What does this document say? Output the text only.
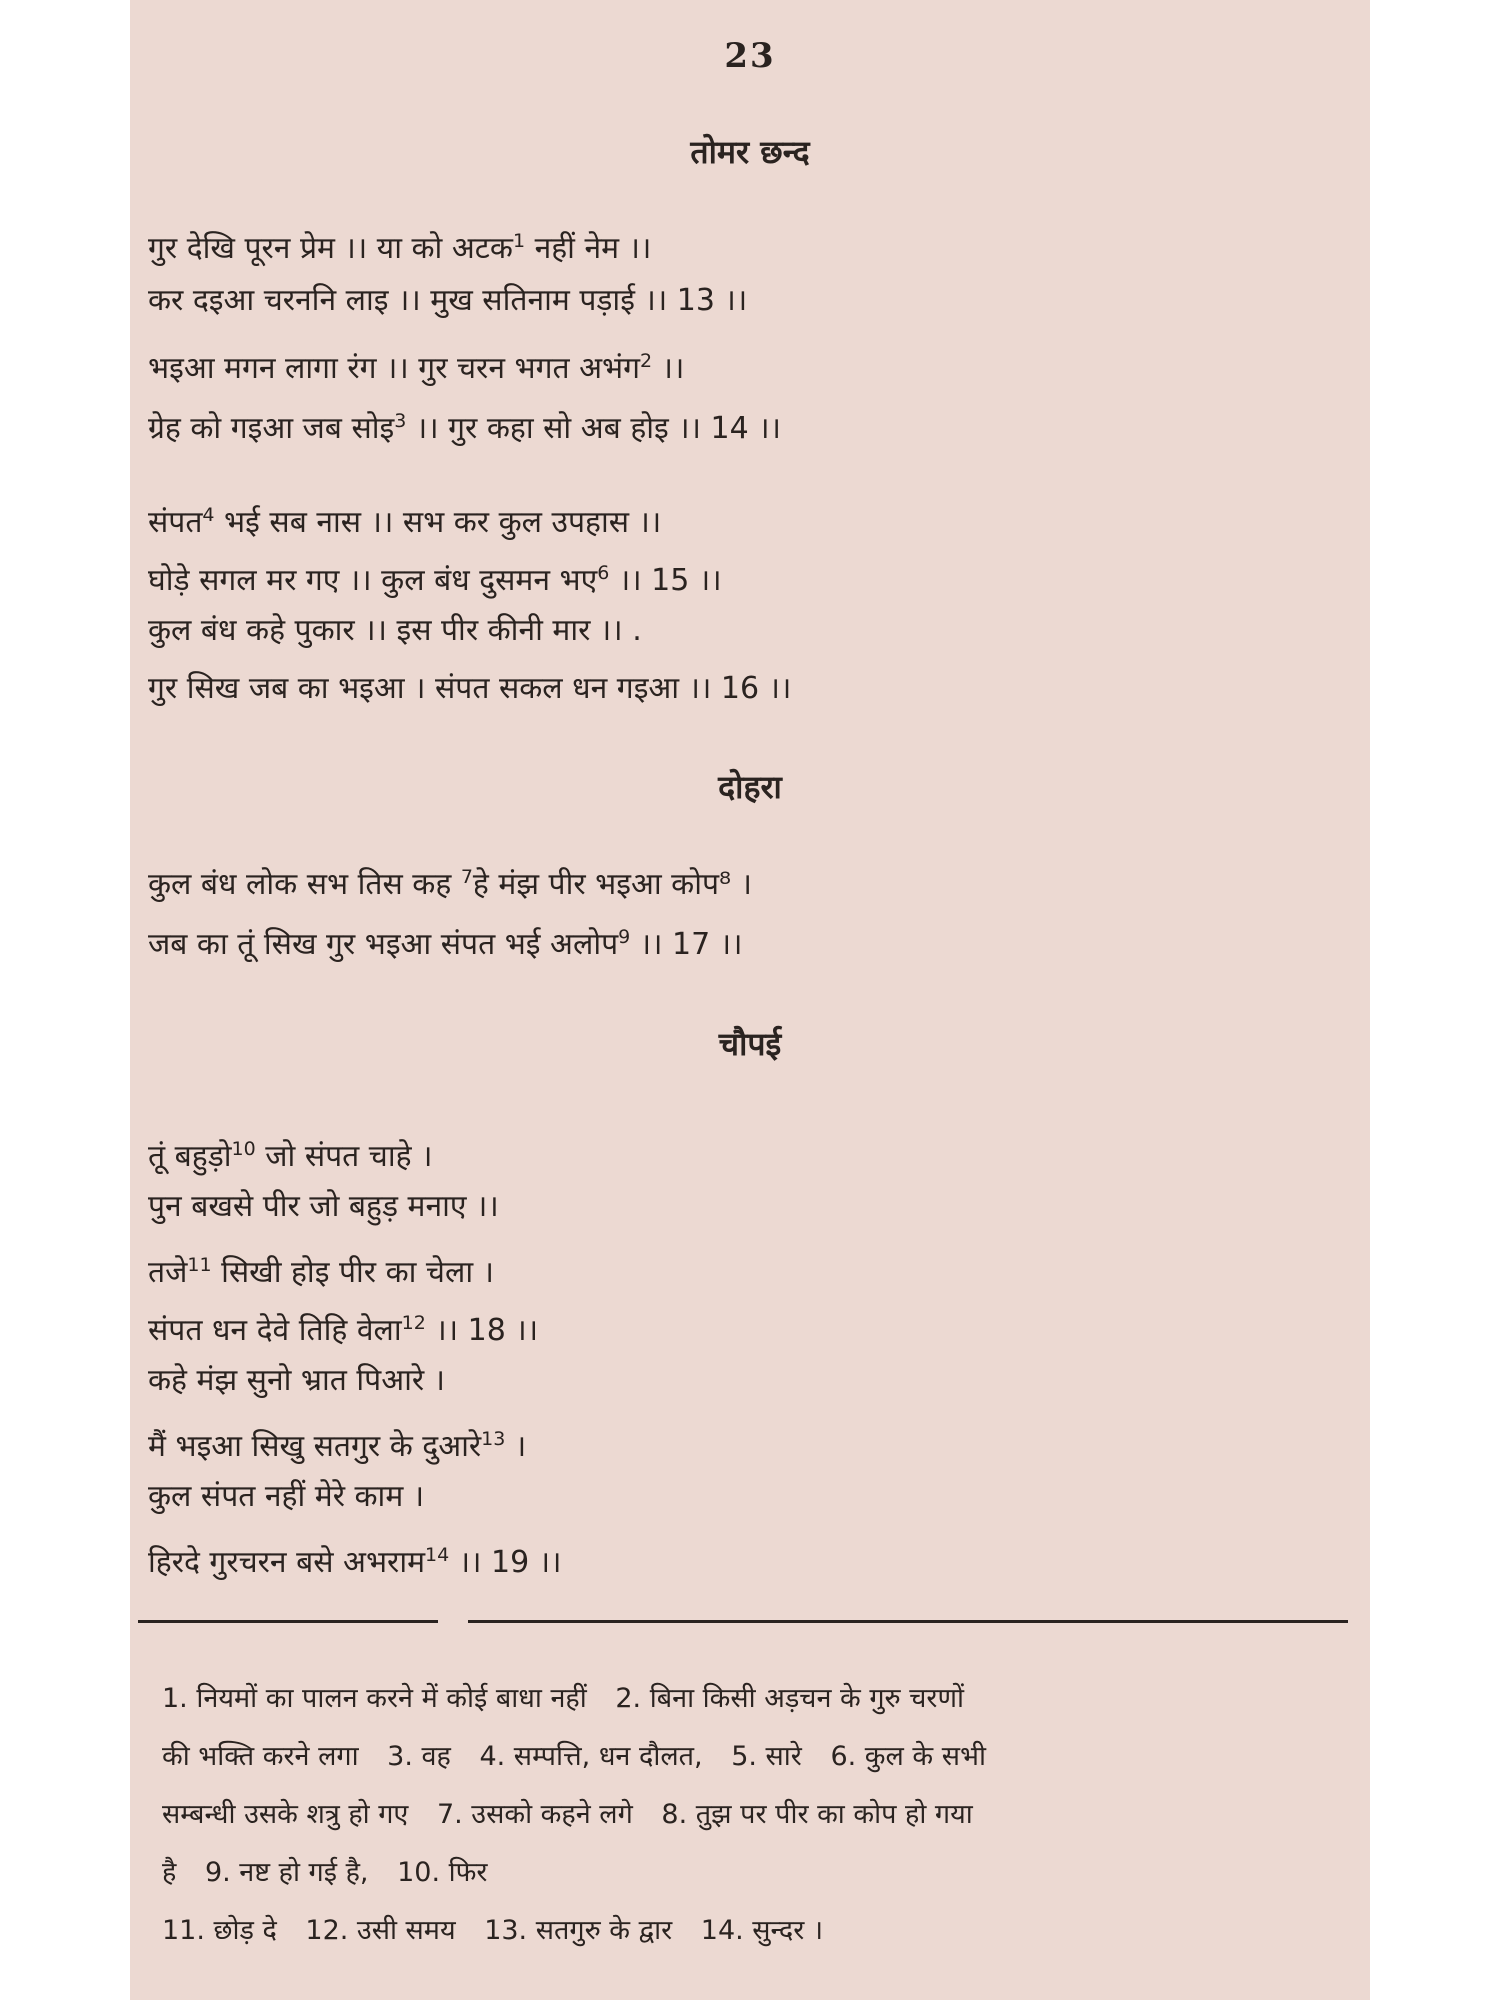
23
तोमर छन्द
गुर देखि पूरन प्रेम ।। या को अटक$^1$ नहीं नेम ।।
कर दइआ चरननि लाइ ।। मुख सतिनाम पड़ाई ।। 13 ।।
भइआ मगन लागा रंग ।। गुर चरन भगत अभंग$^2$ ।।
ग्रेह को गइआ जब सोइ$^3$ ।। गुर कहा सो अब होइ ।। 14 ।।
संपत$^4$ भई सब नास ।। सभ कर कुल उपहास ।।
घोड़े सगल मर गए ।। कुल बंध दुसमन भए$^6$ ।। 15 ।।
कुल बंध कहे पुकार ।। इस पीर कीनी मार ।। .
गुर सिख जब का भइआ । संपत सकल धन गइआ ।। 16 ।।
दोहरा
कुल बंध लोक सभ तिस कह $^7$हे मंझ पीर भइआ कोप⁸ ।
जब का तूं सिख गुर भइआ संपत भई अलोप$^9$ ।। 17 ।।
चौपई
तूं बहुड़ो$^{10}$ जो संपत चाहे ।
पुन बखसे पीर जो बहुड़ मनाए ।।
तजे$^{11}$ सिखी होइ पीर का चेला ।
संपत धन देवे तिहि वेला$^{12}$ ।। 18 ।।
कहे मंझ सुनो भ्रात पिआरे ।
मैं भइआ सिखु सतगुर के दुआरे$^{13}$ ।
कुल संपत नहीं मेरे काम ।
हिरदे गुरचरन बसे अभराम$^{14}$ ।। 19 ।।
1. नियमों का पालन करने में कोई बाधा नहीं 2. बिना किसी अड़चन के गुरु चरणों
की भक्ति करने लगा 3. वह 4. सम्पत्ति, धन दौलत, 5. सारे 6. कुल के सभी
सम्बन्धी उसके शत्रु हो गए 7. उसको कहने लगे 8. तुझ पर पीर का कोप हो गया
है 9. नष्ट हो गई है, 10. फिर
11. छोड़ दे 12. उसी समय 13. सतगुरु के द्वार 14. सुन्दर ।
